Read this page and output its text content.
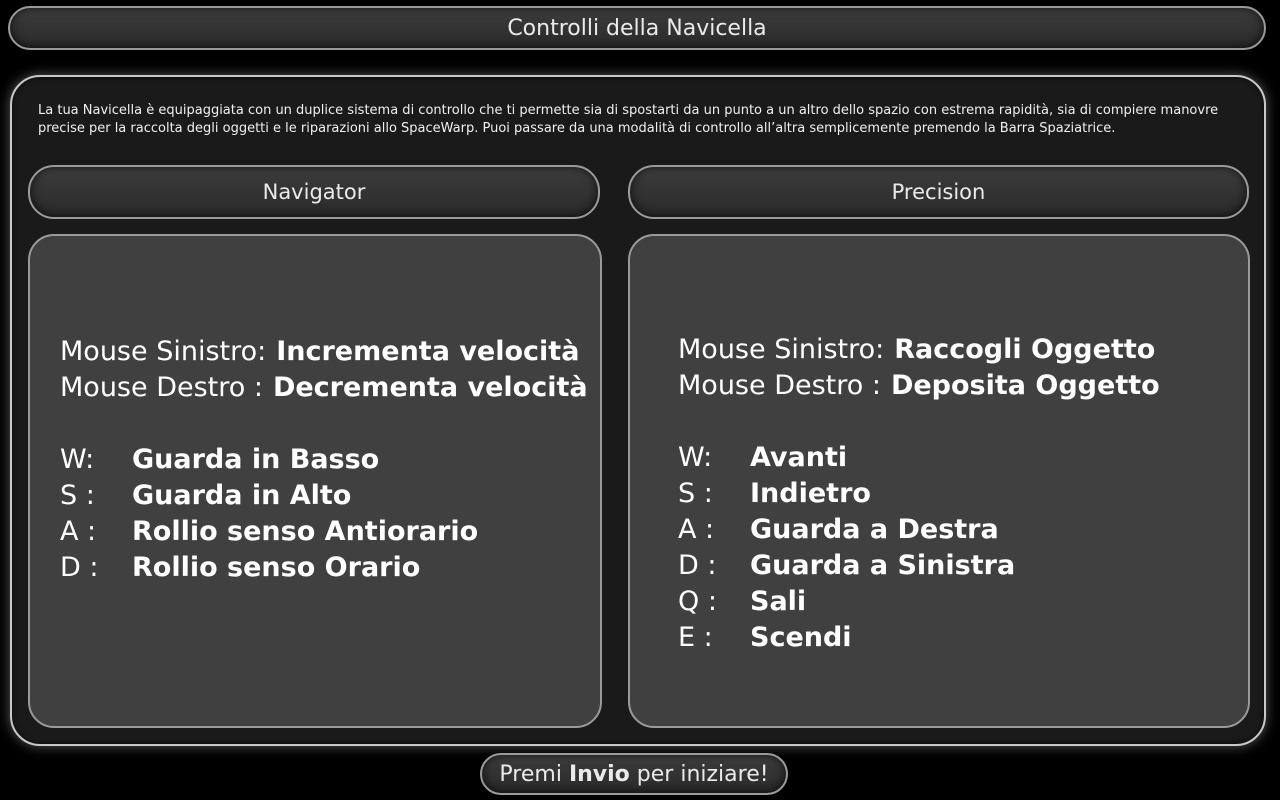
Controlli della Navicella

La tua Navicella è equipaggiata con un duplice sistema di controllo che ti permette sia di spostarti da un punto a un altro dello spazio con estrema rapidità, sia di compiere manovre precise per la raccolta degli oggetti e le riparazioni allo SpaceWarp. Puoi passare da una modalità di controllo all’altra semplicemente premendo la Barra Spaziatrice.

Navigator	Precision
Mouse Sinistro: Incrementa velocità
Mouse Destro : Decrementa velocità
W:	Guarda in Basso
S :	Guarda in Alto
A :	Rollio senso Antiorario
D :	Rollio senso Orario
Mouse Sinistro: Raccogli Oggetto
Mouse Destro : Deposita Oggetto
W:	Avanti
S :	Indietro
A :	Guarda a Destra
D :	Guarda a Sinistra
Q :	Sali
E :	Scendi
Premi Invio per iniziare!
